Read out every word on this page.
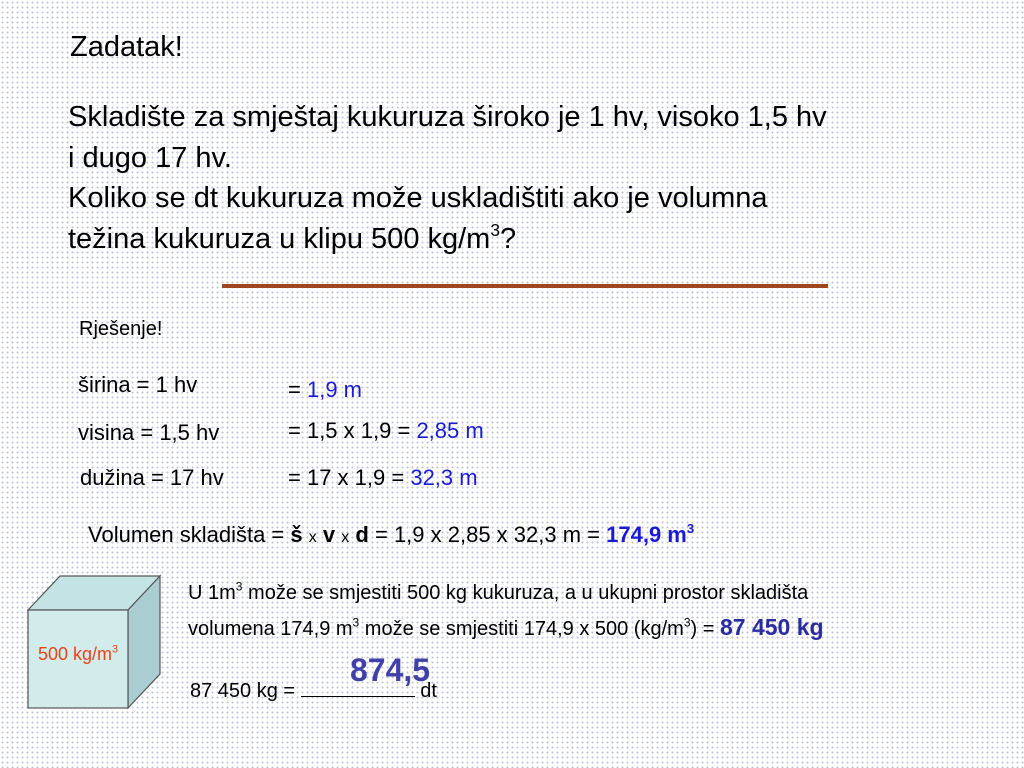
Zadatak!
Skladište za smještaj kukuruza široko je 1 hv, visoko 1,5 hv
i dugo 17 hv.
Koliko se dt kukuruza može uskladištiti ako je volumna
težina kukuruza u klipu 500 $kg/m^3$?
Rješenje!
širina = 1 hv	= 1,9 m
visina = 1,5 hv	= 1,5 x 1,9 = 2,85 m
dužina = 17 hv	= 17 x 1,9 = 32,3 m
Volumen skladišta = š x v x d = 1,9 x 2,85 x 32,3 m = 174,9 $m^3$
500 $kg/m^3$
U $1m^3$ može se smjestiti 500 kg kukuruza, a u ukupni prostor skladišta
volumena 174,9 $m^3$ može se smjestiti 174,9 x 500 $(kg/m^3) = 87$ 450 kg
874,5
87 450 kg =	dt
